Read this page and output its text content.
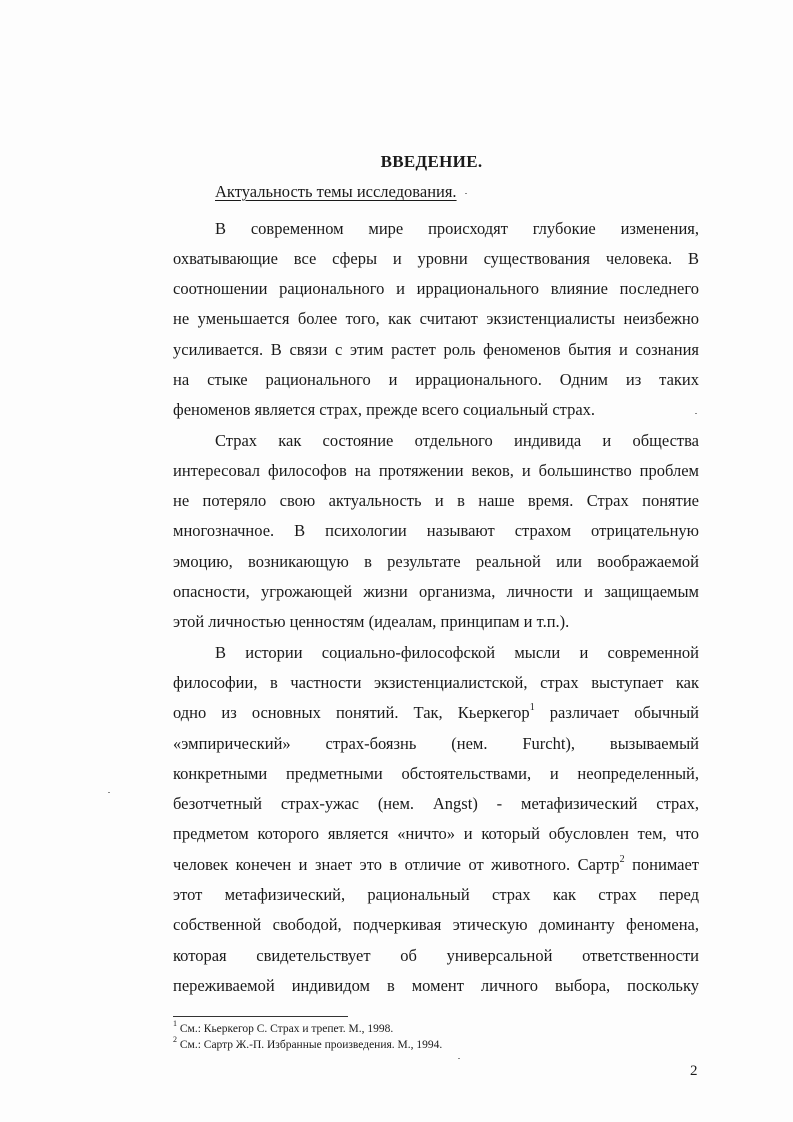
ВВЕДЕНИЕ.
Актуальность темы исследования.
В современном мире происходят глубокие изменения,
охватывающие все сферы и уровни существования человека. В
соотношении рационального и иррационального влияние последнего
не уменьшается более того, как считают экзистенциалисты неизбежно
усиливается. В связи с этим растет роль феноменов бытия и сознания
на стыке рационального и иррационального. Одним из таких
феноменов является страх, прежде всего социальный страх.
Страх как состояние отдельного индивида и общества
интересовал философов на протяжении веков, и большинство проблем
не потеряло свою актуальность и в наше время. Страх понятие
многозначное. В психологии называют страхом отрицательную
эмоцию, возникающую в результате реальной или воображаемой
опасности, угрожающей жизни организма, личности и защищаемым
этой личностью ценностям (идеалам, принципам и т.п.).
В истории социально-философской мысли и современной
философии, в частности экзистенциалистской, страх выступает как
одно из основных понятий. Так, Кьеркегор$^1$ различает обычный
«эмпирический» страх-боязнь (нем. Furcht), вызываемый
конкретными предметными обстоятельствами, и неопределенный,
безотчетный страх-ужас (нем. Angst) - метафизический страх,
предметом которого является «ничто» и который обусловлен тем, что
человек конечен и знает это в отличие от животного. Сартр$^2$ понимает
этот метафизический, рациональный страх как страх перед
собственной свободой, подчеркивая этическую доминанту феномена,
которая свидетельствует об универсальной ответственности
переживаемой индивидом в момент личного выбора, поскольку
$^1$ См.: Кьеркегор С. Страх и трепет. М., 1998.
$^2$ См.: Сартр Ж.-П. Избранные произведения. М., 1994.
2
